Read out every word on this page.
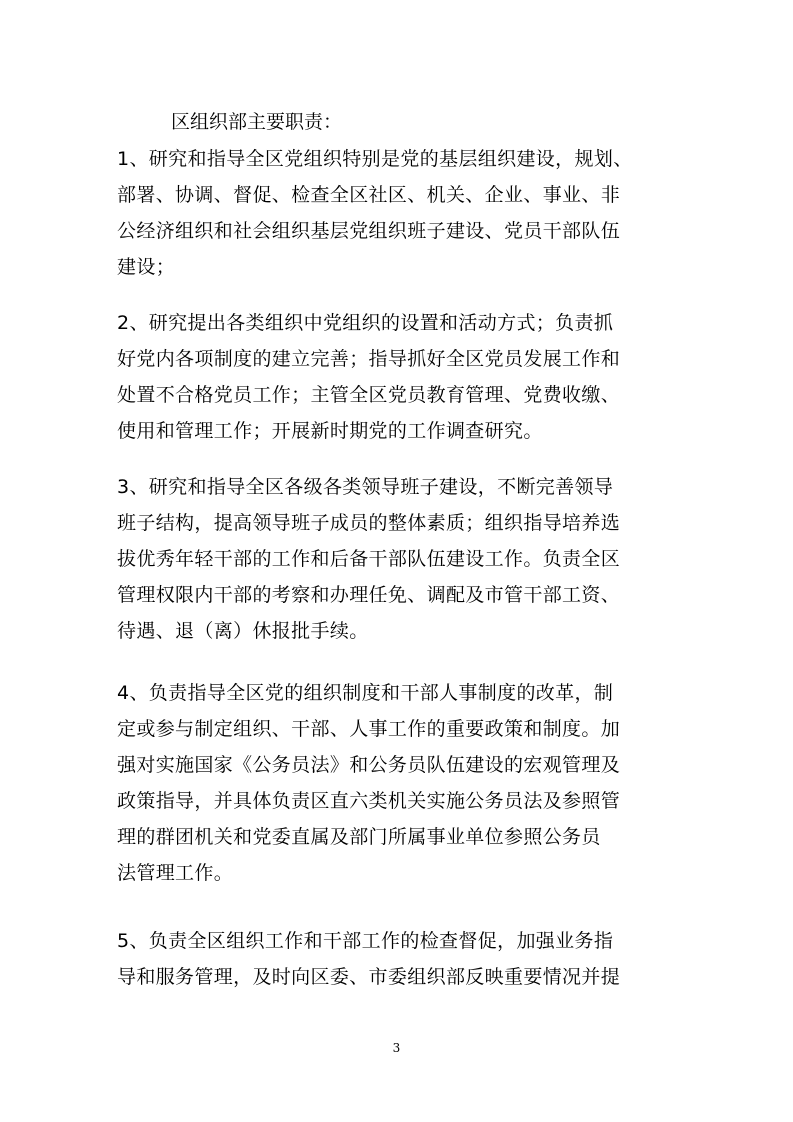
区组织部主要职责：
1、研究和指导全区党组织特别是党的基层组织建设，规划、
部署、协调、督促、检查全区社区、机关、企业、事业、非
公经济组织和社会组织基层党组织班子建设、党员干部队伍
建设；
2、研究提出各类组织中党组织的设置和活动方式；负责抓
好党内各项制度的建立完善；指导抓好全区党员发展工作和
处置不合格党员工作；主管全区党员教育管理、党费收缴、
使用和管理工作；开展新时期党的工作调查研究。
3、研究和指导全区各级各类领导班子建设，不断完善领导
班子结构，提高领导班子成员的整体素质；组织指导培养选
拔优秀年轻干部的工作和后备干部队伍建设工作。负责全区
管理权限内干部的考察和办理任免、调配及市管干部工资、
待遇、退（离）休报批手续。
4、负责指导全区党的组织制度和干部人事制度的改革，制
定或参与制定组织、干部、人事工作的重要政策和制度。加
强对实施国家《公务员法》和公务员队伍建设的宏观管理及
政策指导，并具体负责区直六类机关实施公务员法及参照管
理的群团机关和党委直属及部门所属事业单位参照公务员
法管理工作。
5、负责全区组织工作和干部工作的检查督促，加强业务指
导和服务管理，及时向区委、市委组织部反映重要情况并提
3
